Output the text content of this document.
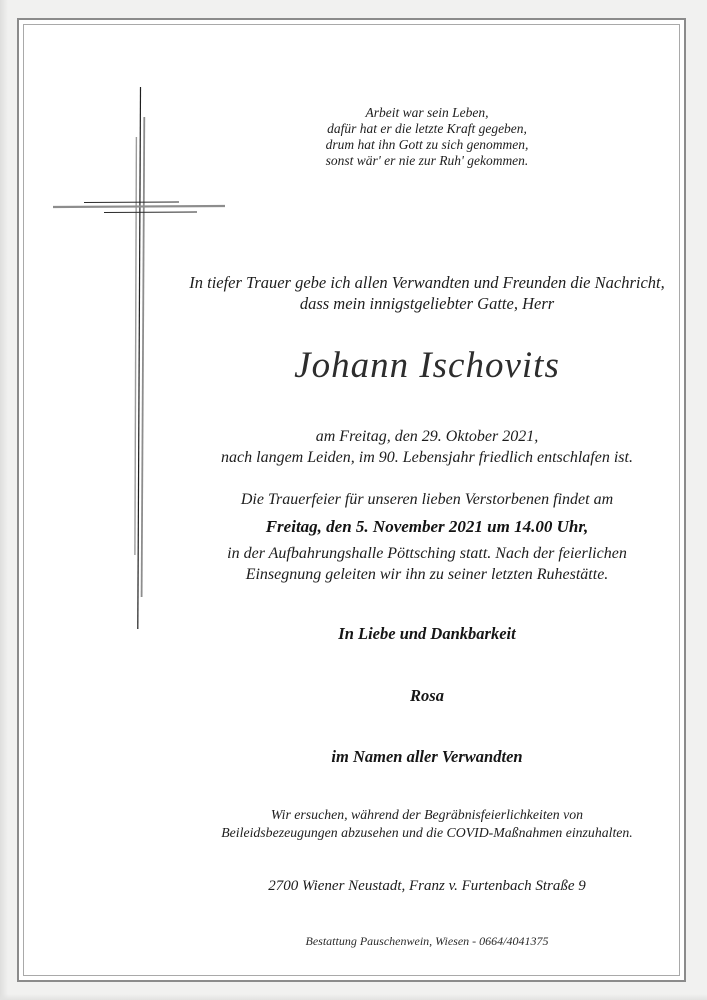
Arbeit war sein Leben,
dafür hat er die letzte Kraft gegeben,
drum hat ihn Gott zu sich genommen,
sonst wär' er nie zur Ruh' gekommen.
In tiefer Trauer gebe ich allen Verwandten und Freunden die Nachricht,
dass mein innigstgeliebter Gatte, Herr
Johann Ischovits
am Freitag, den 29. Oktober 2021,
nach langem Leiden, im 90. Lebensjahr friedlich entschlafen ist.
Die Trauerfeier für unseren lieben Verstorbenen findet am
Freitag, den 5. November 2021 um 14.00 Uhr,
in der Aufbahrungshalle Pöttsching statt. Nach der feierlichen
Einsegnung geleiten wir ihn zu seiner letzten Ruhestätte.
In Liebe und Dankbarkeit
Rosa
im Namen aller Verwandten
Wir ersuchen, während der Begräbnisfeierlichkeiten von
Beileidsbezeugungen abzusehen und die COVID-Maßnahmen einzuhalten.
2700 Wiener Neustadt, Franz v. Furtenbach Straße 9
Bestattung Pauschenwein, Wiesen - 0664/4041375
